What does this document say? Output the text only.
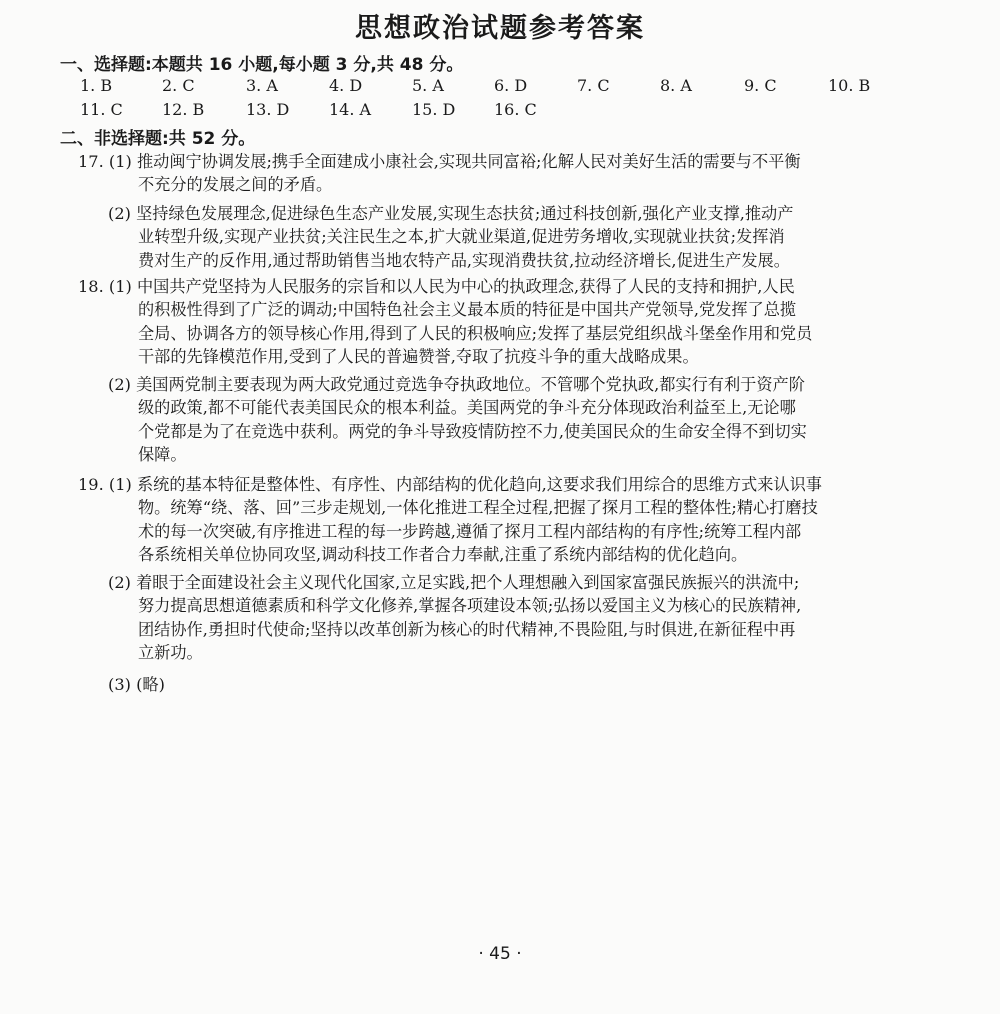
思想政治试题参考答案
一、选择题:本题共 16 小题,每小题 3 分,共 48 分。
1. B	2. C	3. A	4. D	5. A	6. D	7. C	8. A	9. C	10. B
11. C 12. B	13. D 14. A	15. D 16. C
二、非选择题:共 52 分。
17. (1) 推动闽宁协调发展;携手全面建成小康社会,实现共同富裕;化解人民对美好生活的需要与不平衡
不充分的发展之间的矛盾。
(2) 坚持绿色发展理念,促进绿色生态产业发展,实现生态扶贫;通过科技创新,强化产业支撑,推动产
业转型升级,实现产业扶贫;关注民生之本,扩大就业渠道,促进劳务增收,实现就业扶贫;发挥消
费对生产的反作用,通过帮助销售当地农特产品,实现消费扶贫,拉动经济增长,促进生产发展。
18. (1) 中国共产党坚持为人民服务的宗旨和以人民为中心的执政理念,获得了人民的支持和拥护,人民
的积极性得到了广泛的调动;中国特色社会主义最本质的特征是中国共产党领导,党发挥了总揽
全局、协调各方的领导核心作用,得到了人民的积极响应;发挥了基层党组织战斗堡垒作用和党员
干部的先锋模范作用,受到了人民的普遍赞誉,夺取了抗疫斗争的重大战略成果。
(2) 美国两党制主要表现为两大政党通过竞选争夺执政地位。不管哪个党执政,都实行有利于资产阶
级的政策,都不可能代表美国民众的根本利益。美国两党的争斗充分体现政治利益至上,无论哪
个党都是为了在竞选中获利。两党的争斗导致疫情防控不力,使美国民众的生命安全得不到切实
保障。
19. (1) 系统的基本特征是整体性、有序性、内部结构的优化趋向,这要求我们用综合的思维方式来认识事
物。统筹“绕、落、回”三步走规划,一体化推进工程全过程,把握了探月工程的整体性;精心打磨技
术的每一次突破,有序推进工程的每一步跨越,遵循了探月工程内部结构的有序性;统筹工程内部
各系统相关单位协同攻坚,调动科技工作者合力奉献,注重了系统内部结构的优化趋向。
(2) 着眼于全面建设社会主义现代化国家,立足实践,把个人理想融入到国家富强民族振兴的洪流中;
努力提高思想道德素质和科学文化修养,掌握各项建设本领;弘扬以爱国主义为核心的民族精神,
团结协作,勇担时代使命;坚持以改革创新为核心的时代精神,不畏险阻,与时俱进,在新征程中再
立新功。
(3) (略)
· 45 ·
